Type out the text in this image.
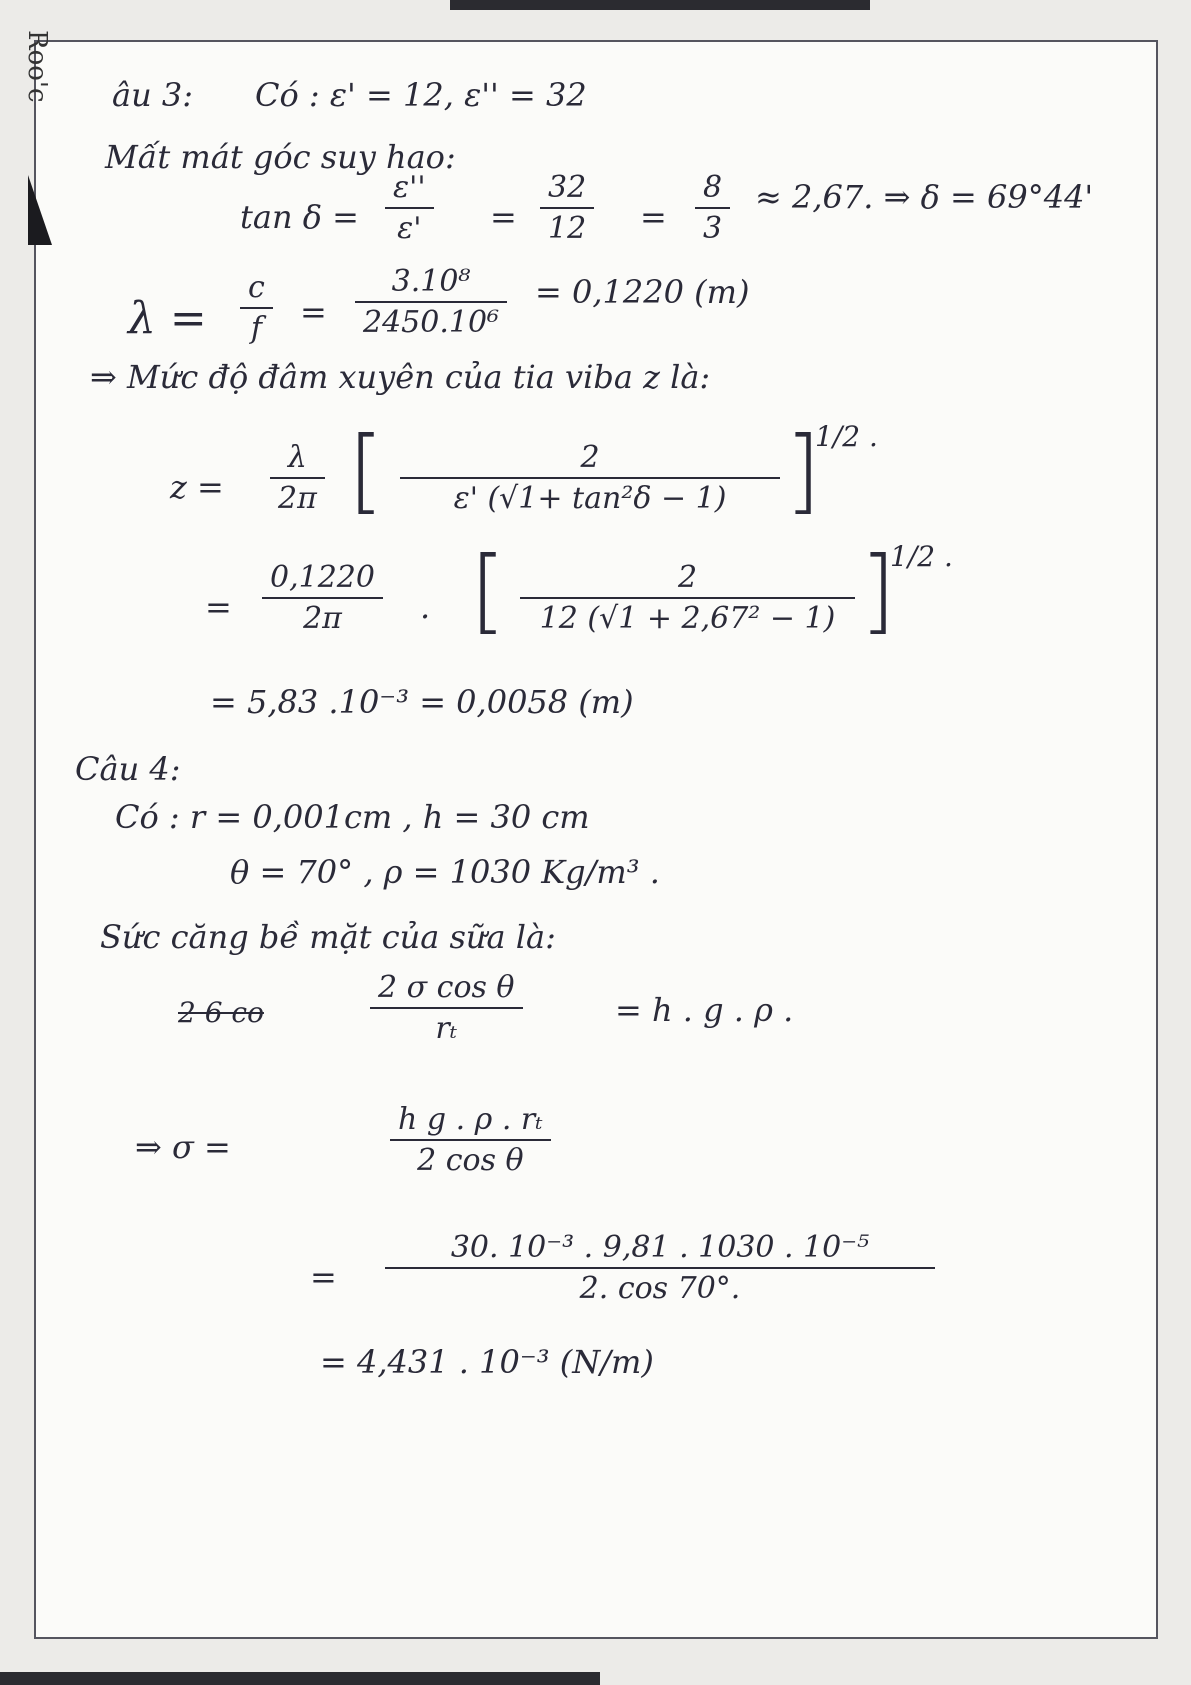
Roo'c âu 3: Có : ε' = 12, ε'' = 32
Mất mát góc suy hao:
tan δ =
ε''
ε' =
32
12 =
8
3
≈ 2,67. ⇒ δ = 69°44'
λ =
c
f =
3.10⁸
2450.10⁶
= 0,1220 (m)
⇒ Mức độ đâm xuyên của tia viba z là:
z =
λ
2π [	2
ε' (√1+ tan²δ − 1) ]
1/2 .
=
0,1220
2π . [	2
12 (√1 + 2,67² − 1) ]
1/2 .
= 5,83 .10⁻³ = 0,0058 (m)
Câu 4:
Có : r = 0,001cm , h = 30 cm
θ = 70° , ρ = 1030 Kg/m³ .
Sức căng bề mặt của sữa là:
2 6 co
2 σ cos θ
rₜ	= h . g . ρ .
⇒ σ =
h g . ρ . rₜ
2 cos θ
=
30. 10⁻³ . 9,81 . 1030 . 10⁻⁵
2. cos 70°.
= 4,431 . 10⁻³ (N/m)
